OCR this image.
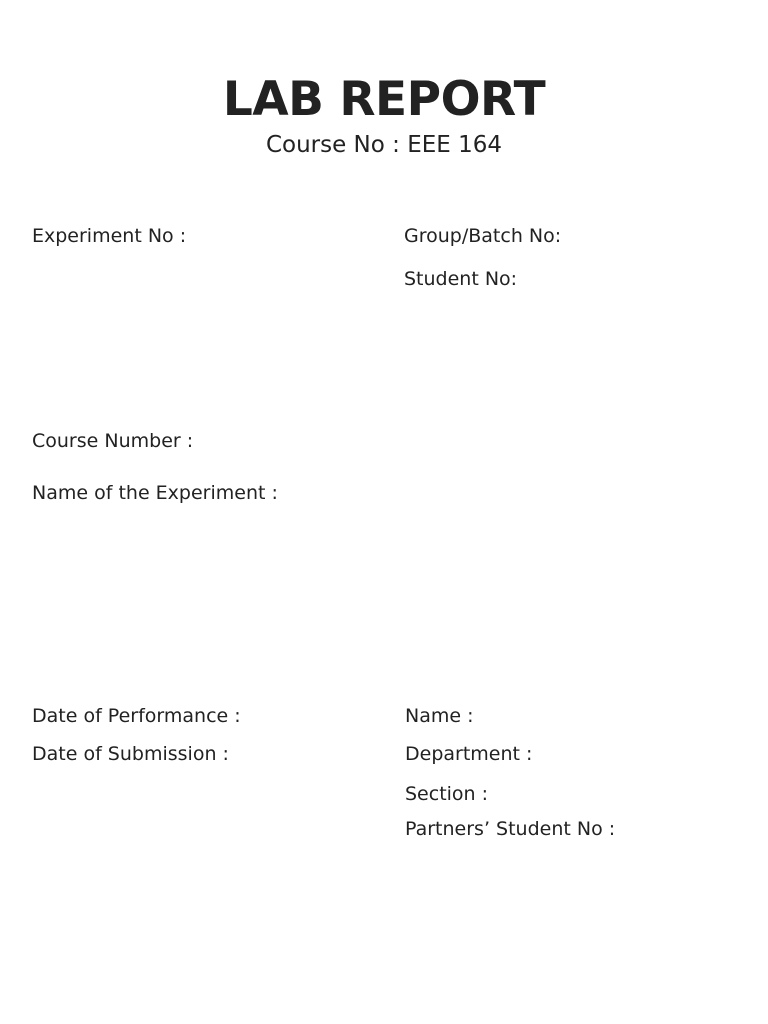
LAB REPORT
Course No : EEE 164
Experiment No :	Group/Batch No:
Student No:
Course Number :
Name of the Experiment :
Date of Performance :
Date of Submission :
Name :
Department :
Section :
Partners’ Student No :
